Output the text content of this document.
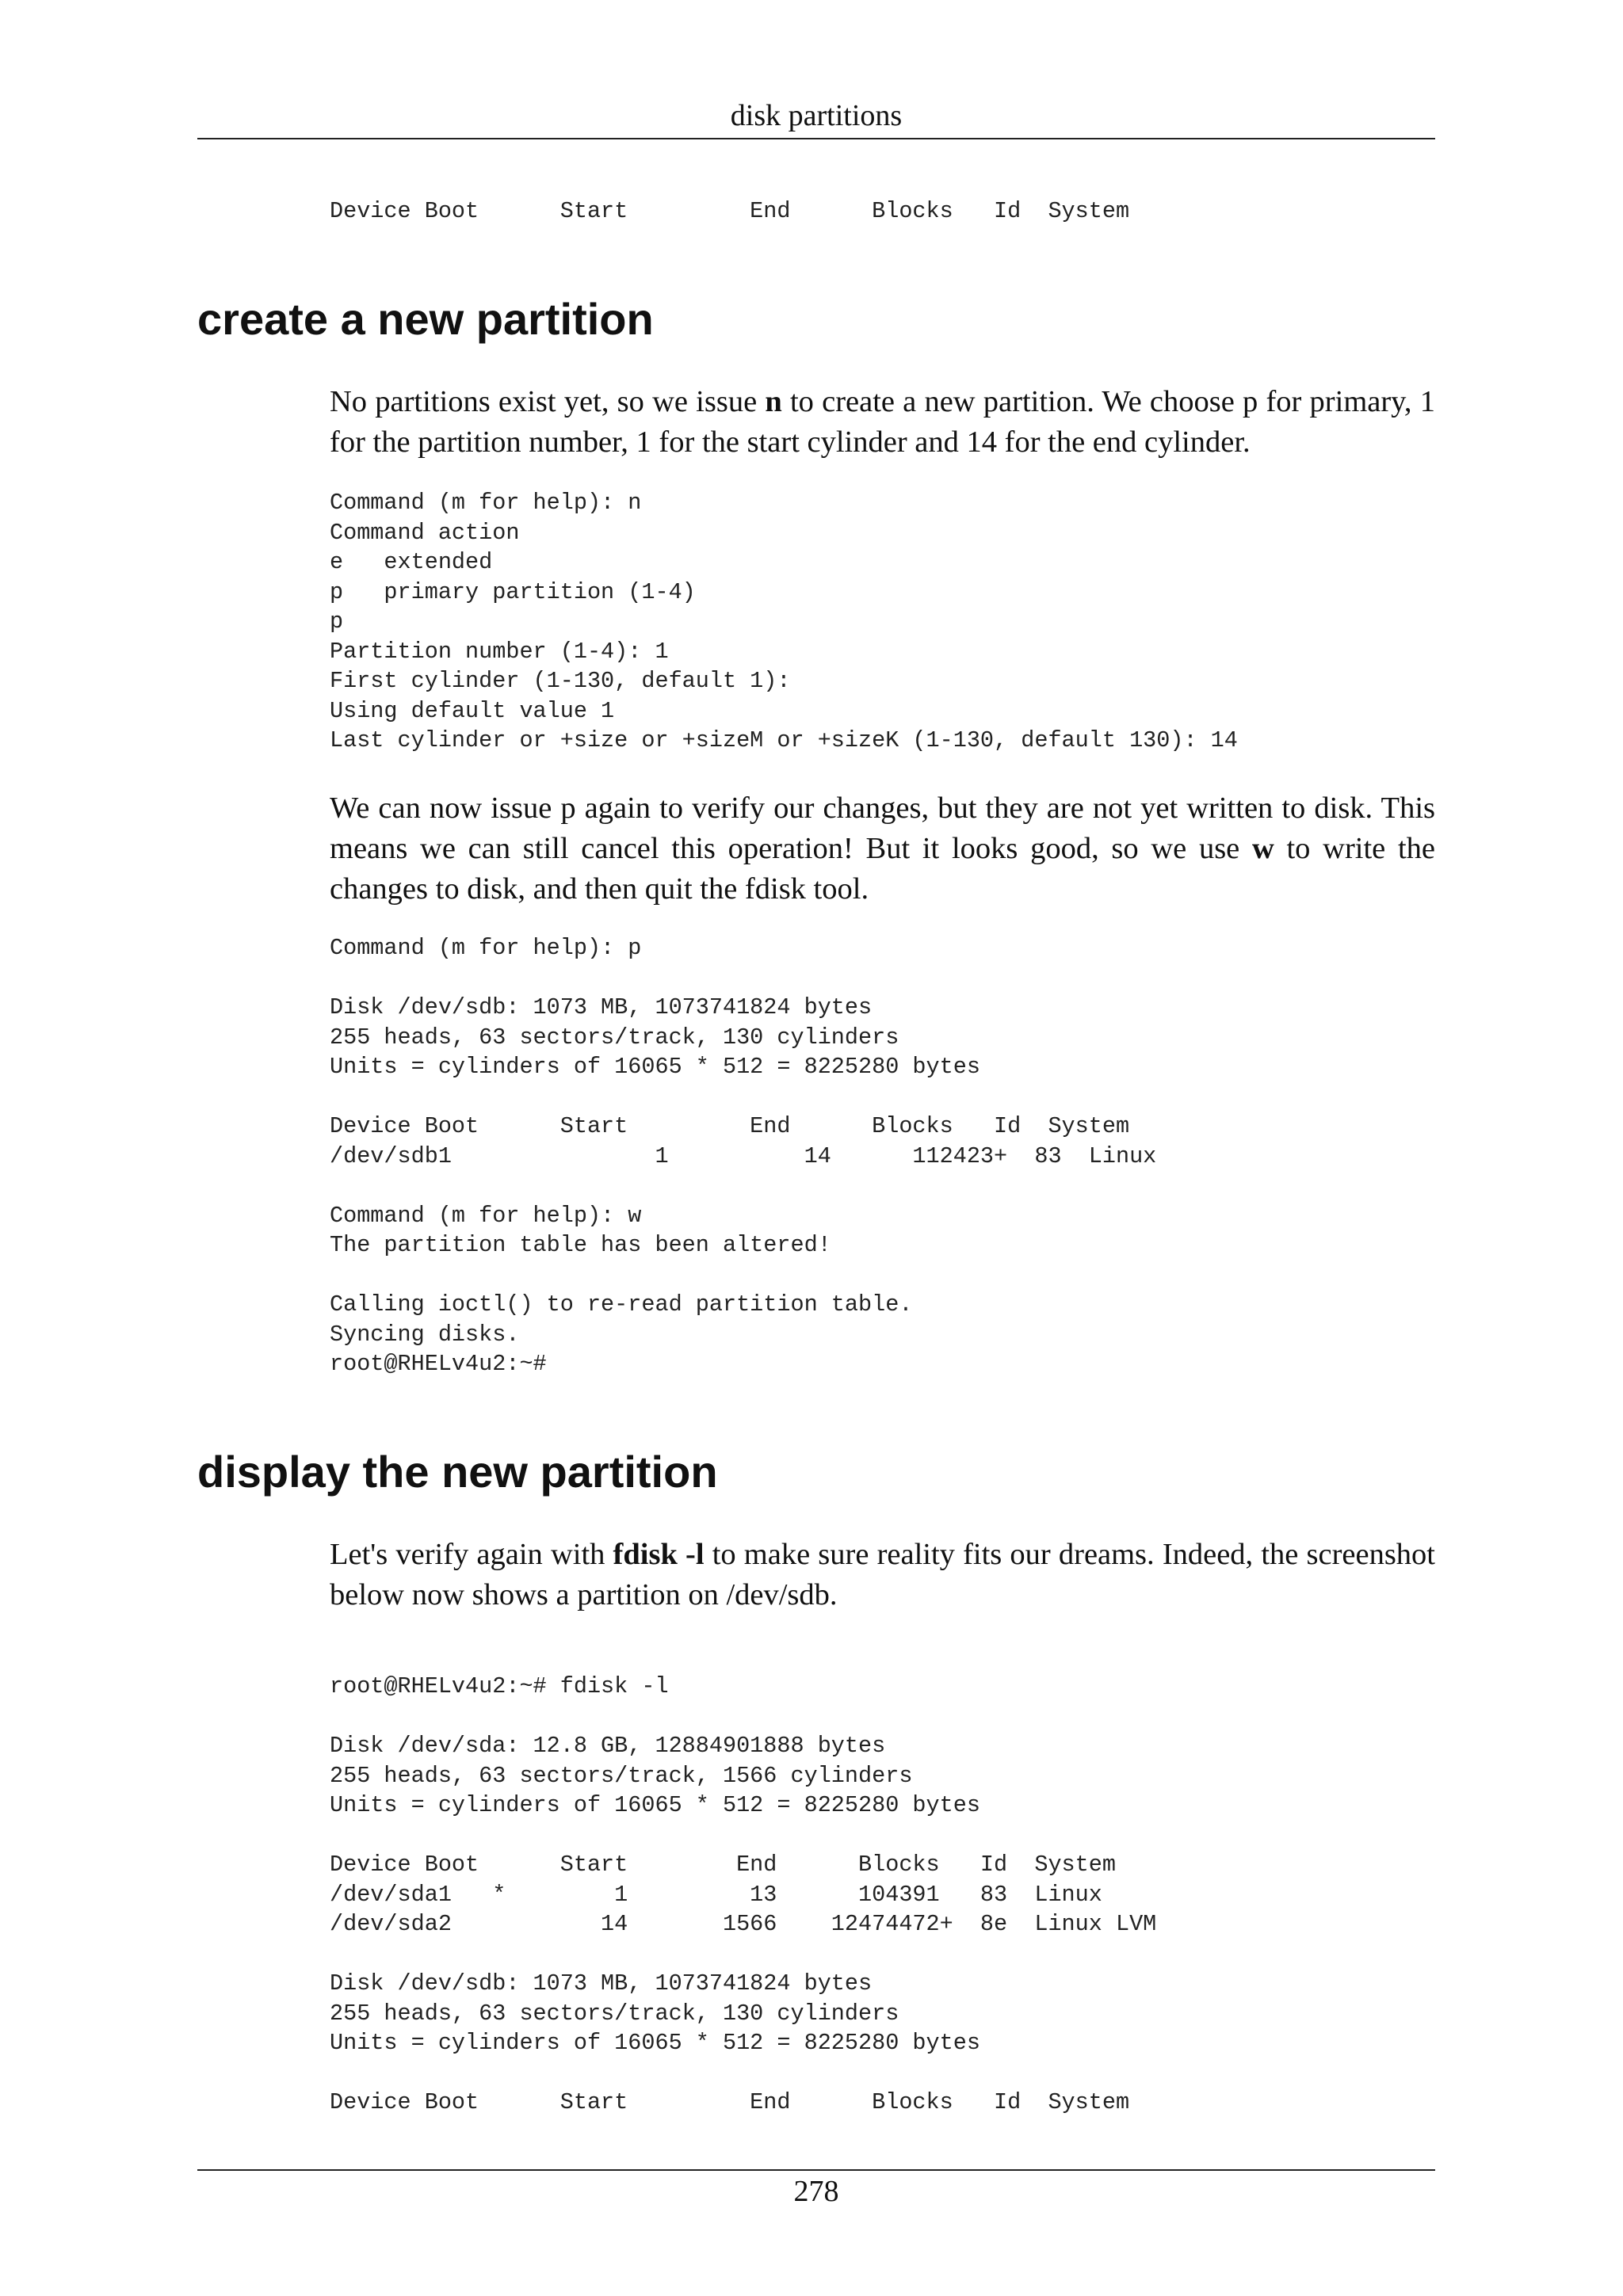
disk partitions
Device Boot      Start         End      Blocks   Id  System
create a new partition

No partitions exist yet, so we issue n to create a new partition. We choose p for primary, 1 for the partition number, 1 for the start cylinder and 14 for the end cylinder.

Command (m for help): n
Command action
e   extended
p   primary partition (1-4)
p
Partition number (1-4): 1
First cylinder (1-130, default 1):
Using default value 1
Last cylinder or +size or +sizeM or +sizeK (1-130, default 130): 14

We can now issue p again to verify our changes, but they are not yet written to disk. This means we can still cancel this operation! But it looks good, so we use w to write the changes to disk, and then quit the fdisk tool.

Command (m for help): p

Disk /dev/sdb: 1073 MB, 1073741824 bytes
255 heads, 63 sectors/track, 130 cylinders
Units = cylinders of 16065 * 512 = 8225280 bytes

Device Boot      Start         End      Blocks   Id  System
/dev/sdb1               1          14      112423+  83  Linux

Command (m for help): w
The partition table has been altered!

Calling ioctl() to re-read partition table.
Syncing disks.
root@RHELv4u2:~#
display the new partition

Let's verify again with fdisk -l to make sure reality fits our dreams. Indeed, the screenshot below now shows a partition on /dev/sdb.

root@RHELv4u2:~# fdisk -l

Disk /dev/sda: 12.8 GB, 12884901888 bytes
255 heads, 63 sectors/track, 1566 cylinders
Units = cylinders of 16065 * 512 = 8225280 bytes

Device Boot      Start        End      Blocks   Id  System
/dev/sda1   *        1         13      104391   83  Linux
/dev/sda2           14       1566    12474472+  8e  Linux LVM

Disk /dev/sdb: 1073 MB, 1073741824 bytes
255 heads, 63 sectors/track, 130 cylinders
Units = cylinders of 16065 * 512 = 8225280 bytes

Device Boot      Start         End      Blocks   Id  System
278
